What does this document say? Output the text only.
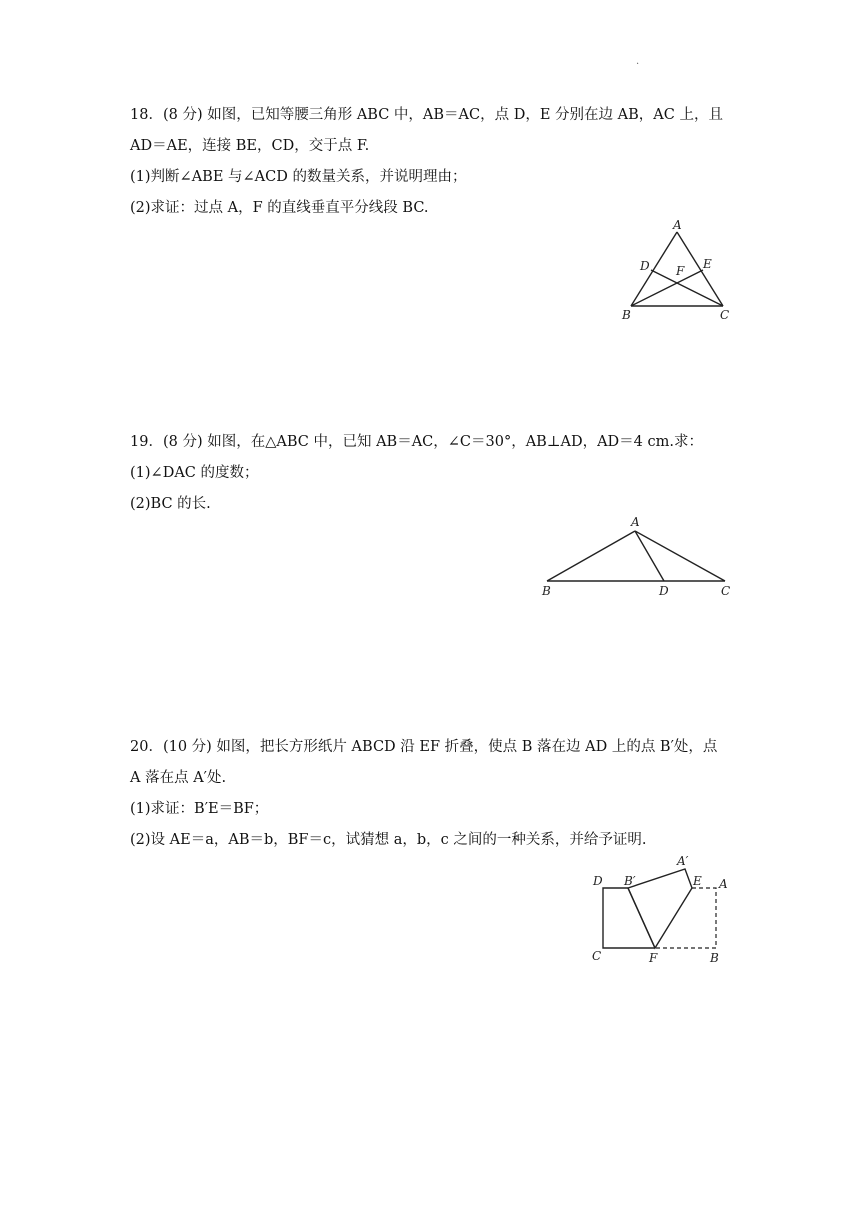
.

18．(8 分) 如图，已知等腰三角形 ABC 中，AB＝AC，点 D，E 分别在边 AB，AC 上，且 AD＝AE，连接 BE，CD，交于点 F.

(1)判断∠ABE 与∠ACD 的数量关系，并说明理由；

(2)求证：过点 A，F 的直线垂直平分线段 BC.

A
B	C
D	E
F

19．(8 分) 如图，在△ABC 中，已知 AB＝AC，∠C＝30°，AB⊥AD，AD＝4 cm.求：

(1)∠DAC 的度数；

(2)BC 的长.

A
B	C
D

20．(10 分) 如图，把长方形纸片 ABCD 沿 EF 折叠，使点 B 落在边 AD 上的点 B′处，点 A 落在点 A′处.

(1)求证：B′E＝BF；

(2)设 AE＝a，AB＝b，BF＝c，试猜想 a，b，c 之间的一种关系，并给予证明.

D
C	F	B
B′
A′
E A
